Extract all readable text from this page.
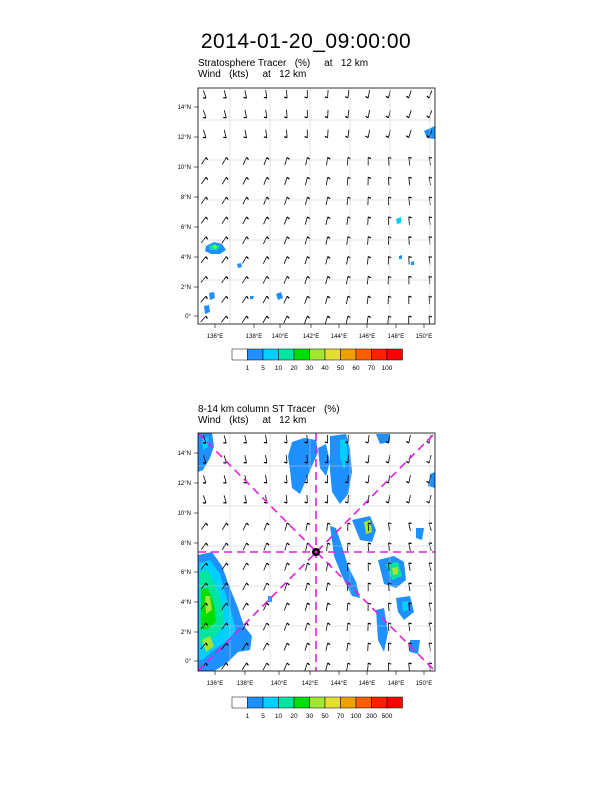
2014-01-20_09:00:00
Stratosphere Tracer   (%)     at   12 km
Wind   (kts)     at   12 km
8-14 km column ST Tracer   (%)
Wind   (kts)     at   12 km
136°E	138°E 140°E 142°E 144°E 146°E 148°E 150°E
0°
2°N
4°N
6°N
8°N
10°N
12°N
14°N
1 5 10 20 30 40 50 60 70 100
136°E 138°E	140°E 142°E 144°E 146°E 148°E 150°E
0°
2°N
4°N
6°N
8°N
10°N
12°N
14°N
1 5 10 20 30 50 70 100 200 500
